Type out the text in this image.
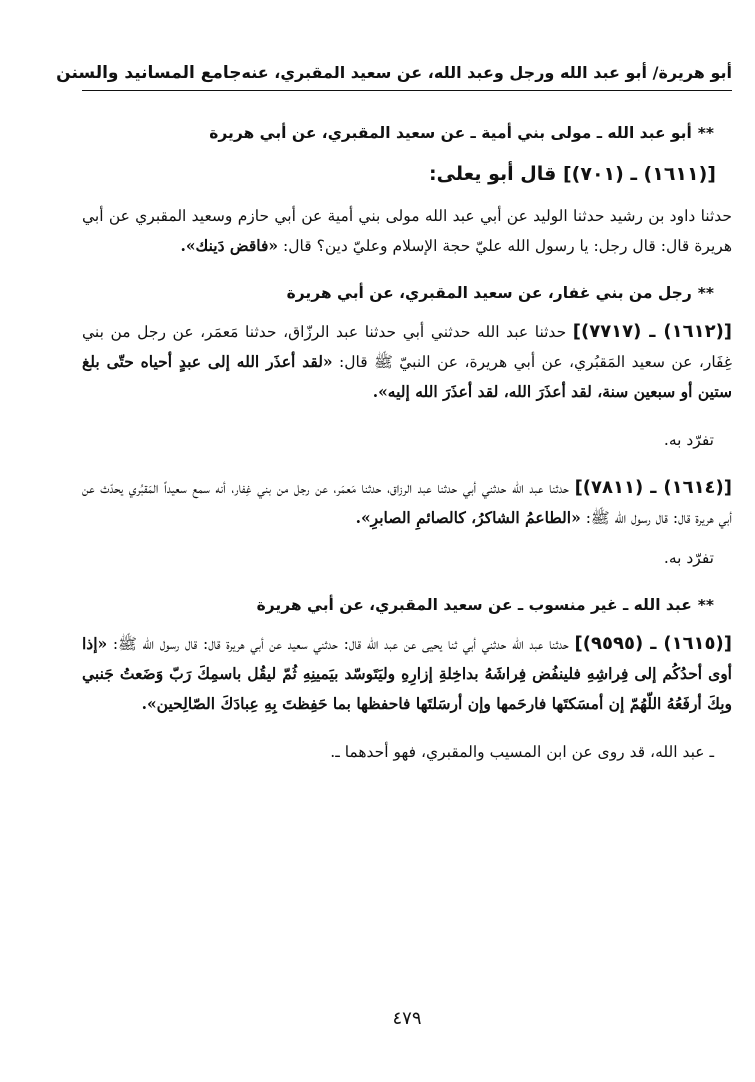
أبو هريرة/ أبو عبد الله ورجل وعبد الله، عن سعيد المقبري، عنه
جامع المسانيد والسنن
**أبو عبد الله ـ مولى بني أمية ـ عن سعيد المقبري، عن أبي هريرة
[(١٦١١) ـ (٧٠١)] قال أبو يعلى:

حدثنا داود بن رشيد حدثنا الوليد عن أبي عبد الله مولى بني أمية عن أبي حازم وسعيد المقبري عن أبي هريرة قال: قال رجل: يا رسول الله عليّ حجة الإسلام وعليّ دين؟ قال: «فاقض دَينك».

**رجل من بني غفار، عن سعيد المقبري، عن أبي هريرة

[(١٦١٢) ـ (٧٧١٧)] حدثنا عبد الله حدثني أبي حدثنا عبد الرزّاق، حدثنا مَعمَر، عن رجل من بني غِفَار، عن سعيد المَقبُري، عن أبي هريرة، عن النبيّ ﷺ قال: «لقد أعذَر الله إلى عبدٍ أحياه حتّى بلغ ستين أو سبعين سنة، لقد أعذَرَ الله، لقد أعذَرَ الله إليه».

تفرّد به.

[(١٦١٤) ـ (٧٨١١)] حدثنا عبد الله حدثني أبي حدثنا عبد الرزاق، حدثنا مَعمَر، عن رجل من بني غِفار، أنه سمع سعيداً المَقبُري يحدّث عن أبي هريرة قال: قال رسول الله ﷺ: «الطاعمُ الشاكرُ، كالصائمِ الصابرِ».

تفرّد به.
**عبد الله ـ غير منسوب ـ عن سعيد المقبري، عن أبي هريرة

[(١٦١٥) ـ (٩٥٩٥)] حدثنا عبد الله حدثني أبي ثنا يحيى عن عبد الله قال: حدثني سعيد عن أبي هريرة قال: قال رسول الله ﷺ: «إذا أوى أحدُكُم إلى فِراشِهِ فلينفُض فِراشَهُ بداخِلةِ إزارِهِ وليَتَوسّد بيَمينِهِ ثُمّ ليقُل باسمِكَ رَبّ وَضَعتُ جَنبي وبِكَ أرفَعُهُ اللّهُمّ إن أمسَكتَها فارحَمها وإن أرسَلتَها فاحفظها بما حَفِظتَ بِهِ عِبادَكَ الصّالِحين».

ـ عبد الله، قد روى عن ابن المسيب والمقبري، فهو أحدهما ـ.
٤٧٩
